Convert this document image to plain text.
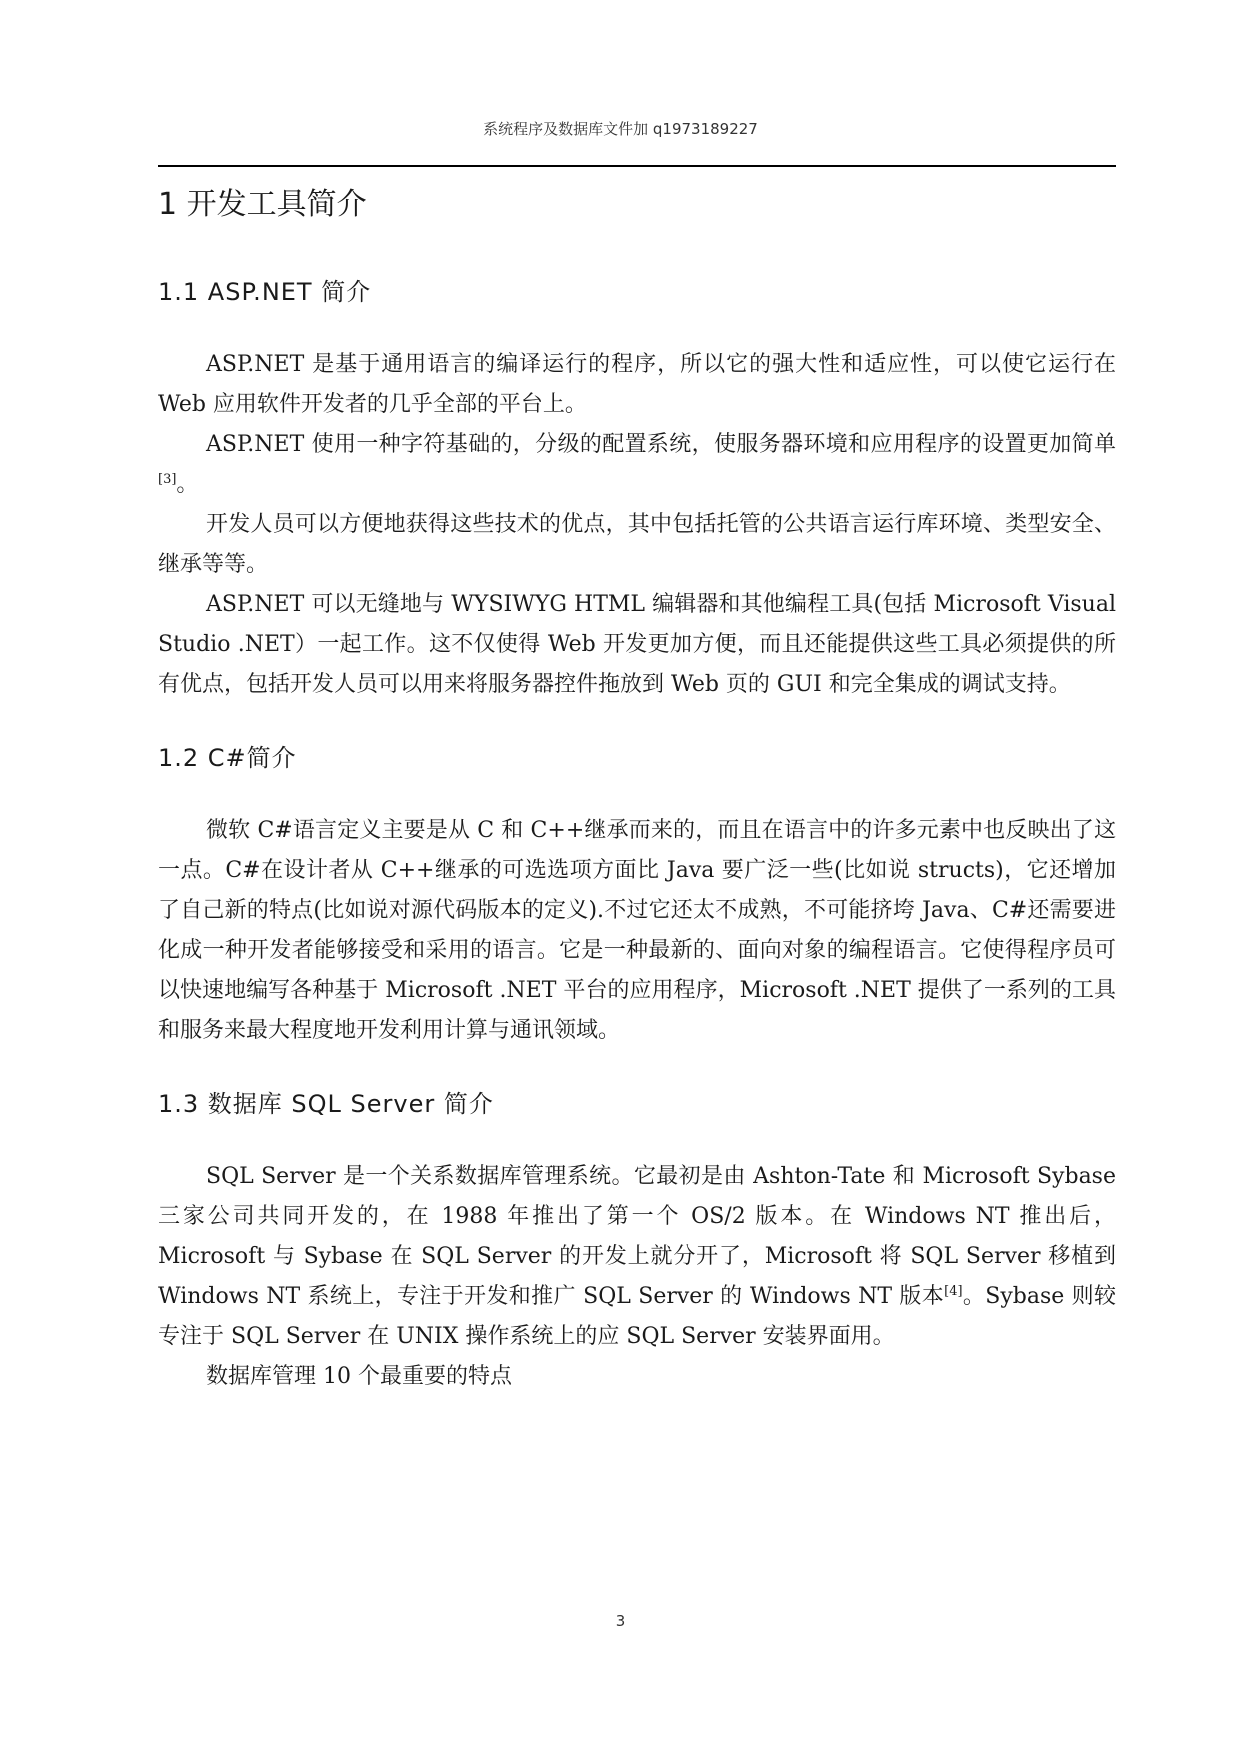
系统程序及数据库文件加 q1973189227
1 开发工具简介
1.1 ASP.NET 简介

ASP.NET 是基于通用语言的编译运行的程序，所以它的强大性和适应性，可以使它运行在 Web 应用软件开发者的几乎全部的平台上。

ASP.NET 使用一种字符基础的，分级的配置系统，使服务器环境和应用程序的设置更加简单[3]。

开发人员可以方便地获得这些技术的优点，其中包括托管的公共语言运行库环境、类型安全、继承等等。

ASP.NET 可以无缝地与 WYSIWYG HTML 编辑器和其他编程工具(包括 Microsoft Visual Studio .NET）一起工作。这不仅使得 Web 开发更加方便，而且还能提供这些工具必须提供的所有优点，包括开发人员可以用来将服务器控件拖放到 Web 页的 GUI 和完全集成的调试支持。

1.2 C#简介

微软 C#语言定义主要是从 C 和 C++继承而来的，而且在语言中的许多元素中也反映出了这一点。C#在设计者从 C++继承的可选选项方面比 Java 要广泛一些(比如说 structs)，它还增加了自己新的特点(比如说对源代码版本的定义).不过它还太不成熟，不可能挤垮 Java、C#还需要进化成一种开发者能够接受和采用的语言。它是一种最新的、面向对象的编程语言。它使得程序员可以快速地编写各种基于 Microsoft .NET 平台的应用程序，Microsoft .NET 提供了一系列的工具和服务来最大程度地开发利用计算与通讯领域。

1.3 数据库 SQL Server 简介

SQL Server 是一个关系数据库管理系统。它最初是由 Ashton-Tate 和 Microsoft Sybase 三家公司共同开发的，在 1988 年推出了第一个 OS/2 版本。在 Windows NT 推出后，Microsoft 与 Sybase 在 SQL Server 的开发上就分开了，Microsoft 将 SQL Server 移植到 Windows NT 系统上，专注于开发和推广 SQL Server 的 Windows NT 版本[4]。Sybase 则较专注于 SQL Server 在 UNIX 操作系统上的应 SQL Server 安装界面用。

数据库管理 10 个最重要的特点

3
